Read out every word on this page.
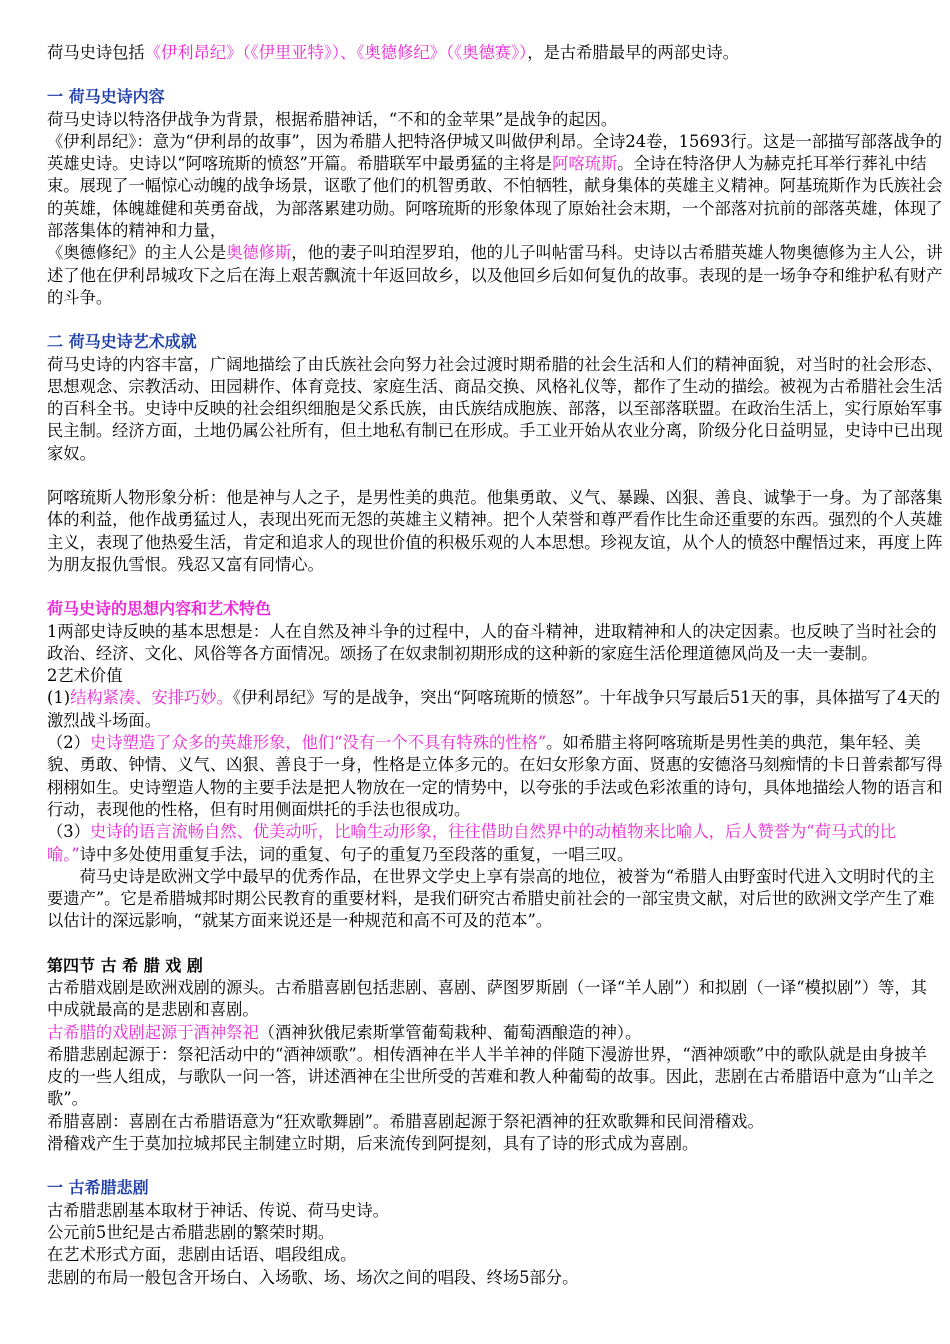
荷马史诗包括《伊利昂纪》（《伊里亚特》）、《奥德修纪》（《奥德赛》），是古希腊最早的两部史诗。

一 荷马史诗内容

荷马史诗以特洛伊战争为背景，根据希腊神话，“不和的金苹果”是战争的起因。

《伊利昂纪》：意为“伊利昂的故事”，因为希腊人把特洛伊城又叫做伊利昂。全诗24卷，15693行。这是一部描写部落战争的英雄史诗。史诗以“阿喀琉斯的愤怒”开篇。希腊联军中最勇猛的主将是阿喀琉斯。全诗在特洛伊人为赫克托耳举行葬礼中结束。展现了一幅惊心动魄的战争场景，讴歌了他们的机智勇敢、不怕牺牲，献身集体的英雄主义精神。阿基琉斯作为氏族社会的英雄，体魄雄健和英勇奋战，为部落累建功勋。阿喀琉斯的形象体现了原始社会末期，一个部落对抗前的部落英雄，体现了部落集体的精神和力量，

《奥德修纪》的主人公是奥德修斯，他的妻子叫珀涅罗珀，他的儿子叫帖雷马科。史诗以古希腊英雄人物奥德修为主人公，讲述了他在伊利昂城攻下之后在海上艰苦飘流十年返回故乡，以及他回乡后如何复仇的故事。表现的是一场争夺和维护私有财产的斗争。

二 荷马史诗艺术成就

荷马史诗的内容丰富，广阔地描绘了由氏族社会向努力社会过渡时期希腊的社会生活和人们的精神面貌，对当时的社会形态、思想观念、宗教活动、田园耕作、体育竞技、家庭生活、商品交换、风格礼仪等，都作了生动的描绘。被视为古希腊社会生活的百科全书。史诗中反映的社会组织细胞是父系氏族，由氏族结成胞族、部落，以至部落联盟。在政治生活上，实行原始军事民主制。经济方面，土地仍属公社所有，但土地私有制已在形成。手工业开始从农业分离，阶级分化日益明显，史诗中已出现家奴。

阿喀琉斯人物形象分析：他是神与人之子，是男性美的典范。他集勇敢、义气、暴躁、凶狠、善良、诚挚于一身。为了部落集体的利益，他作战勇猛过人，表现出死而无怨的英雄主义精神。把个人荣誉和尊严看作比生命还重要的东西。强烈的个人英雄主义，表现了他热爱生活，肯定和追求人的现世价值的积极乐观的人本思想。珍视友谊，从个人的愤怒中醒悟过来，再度上阵为朋友报仇雪恨。残忍又富有同情心。

荷马史诗的思想内容和艺术特色

1两部史诗反映的基本思想是：人在自然及神斗争的过程中，人的奋斗精神，进取精神和人的决定因素。也反映了当时社会的政治、经济、文化、风俗等各方面情况。颂扬了在奴隶制初期形成的这种新的家庭生活伦理道德风尚及一夫一妻制。

2艺术价值

(1)结构紧凑、安排巧妙。《伊利昂纪》写的是战争，突出“阿喀琉斯的愤怒”。十年战争只写最后51天的事，具体描写了4天的激烈战斗场面。

（2）史诗塑造了众多的英雄形象，他们“没有一个不具有特殊的性格”。如希腊主将阿喀琉斯是男性美的典范，集年轻、美貌、勇敢、钟情、义气、凶狠、善良于一身，性格是立体多元的。在妇女形象方面、贤惠的安德洛马刻痴情的卡日普索都写得栩栩如生。史诗塑造人物的主要手法是把人物放在一定的情势中，以夸张的手法或色彩浓重的诗句，具体地描绘人物的语言和行动，表现他的性格，但有时用侧面烘托的手法也很成功。

（3）史诗的语言流畅自然、优美动听，比喻生动形象，往往借助自然界中的动植物来比喻人，后人赞誉为“荷马式的比喻。”诗中多处使用重复手法，词的重复、句子的重复乃至段落的重复，一唱三叹。

荷马史诗是欧洲文学中最早的优秀作品，在世界文学史上享有崇高的地位，被誉为“希腊人由野蛮时代进入文明时代的主要遗产”。它是希腊城邦时期公民教育的重要材料，是我们研究古希腊史前社会的一部宝贵文献，对后世的欧洲文学产生了难以估计的深远影响，“就某方面来说还是一种规范和高不可及的范本”。

第四节 古 希 腊 戏 剧

古希腊戏剧是欧洲戏剧的源头。古希腊喜剧包括悲剧、喜剧、萨图罗斯剧（一译“羊人剧”）和拟剧（一译“模拟剧”）等，其中成就最高的是悲剧和喜剧。

古希腊的戏剧起源于酒神祭祀（酒神狄俄尼索斯掌管葡萄栽种、葡萄酒酿造的神）。

希腊悲剧起源于：祭祀活动中的“酒神颂歌”。相传酒神在半人半羊神的伴随下漫游世界，“酒神颂歌”中的歌队就是由身披羊皮的一些人组成，与歌队一问一答，讲述酒神在尘世所受的苦难和教人种葡萄的故事。因此，悲剧在古希腊语中意为“山羊之歌”。

希腊喜剧：喜剧在古希腊语意为“狂欢歌舞剧”。希腊喜剧起源于祭祀酒神的狂欢歌舞和民间滑稽戏。

滑稽戏产生于莫加拉城邦民主制建立时期，后来流传到阿提刻，具有了诗的形式成为喜剧。

一 古希腊悲剧

古希腊悲剧基本取材于神话、传说、荷马史诗。

公元前5世纪是古希腊悲剧的繁荣时期。

在艺术形式方面，悲剧由话语、唱段组成。

悲剧的布局一般包含开场白、入场歌、场、场次之间的唱段、终场5部分。
